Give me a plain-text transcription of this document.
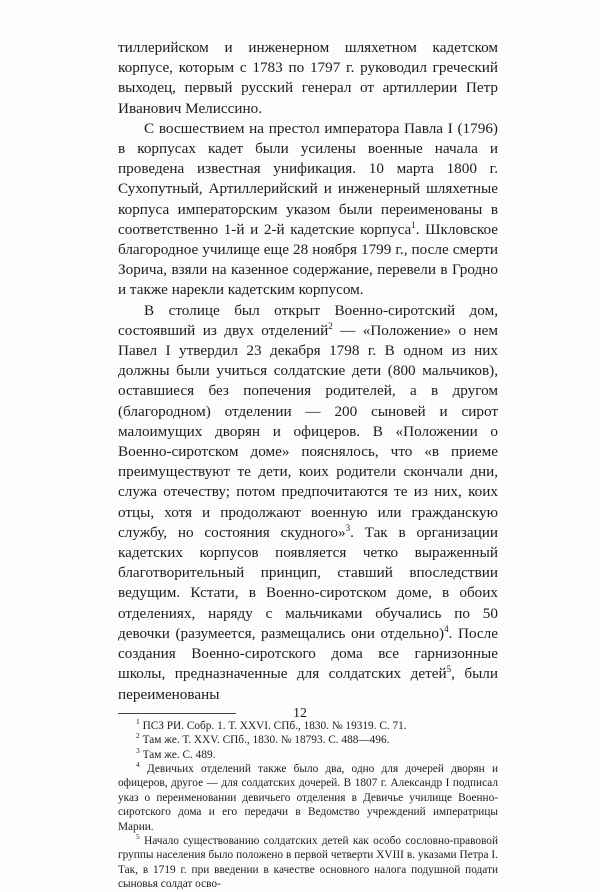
тиллерийском и инженерном шляхетном кадетском корпусе, которым с 1783 по 1797 г. руководил греческий выходец, первый русский генерал от артиллерии Петр Иванович Мелиссино.

С восшествием на престол императора Павла I (1796) в корпусах кадет были усилены военные начала и проведена известная унификация. 10 марта 1800 г. Сухопутный, Артиллерийский и инженерный шляхетные корпуса императорским указом были переименованы в соответственно 1-й и 2-й кадетские корпуса$^1$. Шкловское благородное училище еще 28 ноября 1799 г., после смерти Зорича, взяли на казенное содержание, перевели в Гродно и также нарекли кадетским корпусом.

В столице был открыт Военно-сиротский дом, состоявший из двух отделений$^2$ — «Положение» о нем Павел I утвердил 23 декабря 1798 г. В одном из них должны были учиться солдатские дети (800 мальчиков), оставшиеся без попечения родителей, а в другом (благородном) отделении — 200 сыновей и сирот малоимущих дворян и офицеров. В «Положении о Военно-сиротском доме» пояснялось, что «в приеме преимуществуют те дети, коих родители скончали дни, служа отечеству; потом предпочитаются те из них, коих отцы, хотя и продолжают военную или гражданскую службу, но состояния скудного»$^3$. Так в организации кадетских корпусов появляется четко выраженный благотворительный принцип, ставший впоследствии ведущим. Кстати, в Военно-сиротском доме, в обоих отделениях, наряду с мальчиками обучались по 50 девочки (разумеется, размещались они отдельно)$^4$. После создания Военно-сиротского дома все гарнизонные школы, предназначенные для солдатских детей$^5$, были переименованы

$^1$ ПСЗ РИ. Собр. 1. Т. XXVI. СПб., 1830. № 19319. С. 71.

$^2$ Там же. Т. XXV. СПб., 1830. № 18793. С. 488—496.

$^3$ Там же. С. 489.

$^4$ Девичьих отделений также было два, одно для дочерей дворян и офицеров, другое — для солдатских дочерей. В 1807 г. Александр I подписал указ о переименовании девичьего отделения в Девичье училище Военно-сиротского дома и его передачи в Ведомство учреждений императрицы Марии.

$^5$ Начало существованию солдатских детей как особо сословно-правовой группы населения было положено в первой четверти XVIII в. указами Петра I. Так, в 1719 г. при введении в качестве основного налога подушной подати сыновья солдат осво-

12
